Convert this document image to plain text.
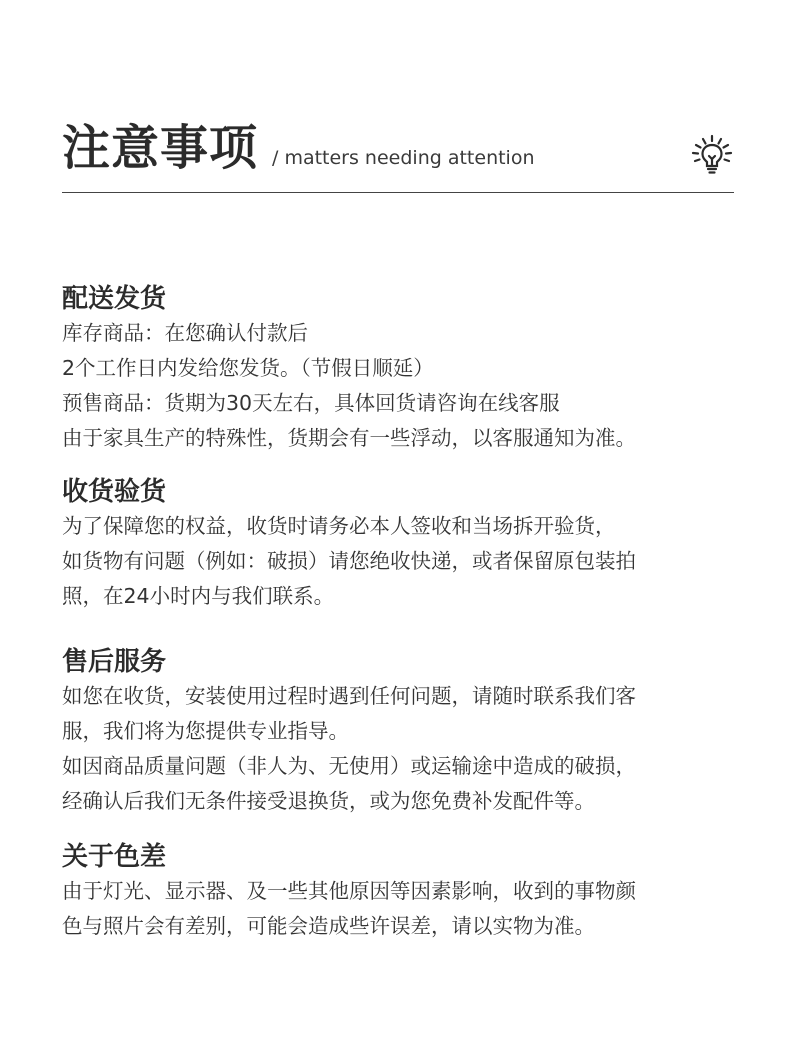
注意事项 / matters needing attention
配送发货

库存商品：在您确认付款后

2个工作日内发给您发货。（节假日顺延）

预售商品：货期为30天左右，具体回货请咨询在线客服

由于家具生产的特殊性，货期会有一些浮动，以客服通知为准。

收货验货

为了保障您的权益，收货时请务必本人签收和当场拆开验货，

如货物有问题（例如：破损）请您绝收快递，或者保留原包装拍

照，在24小时内与我们联系。

售后服务

如您在收货，安装使用过程时遇到任何问题，请随时联系我们客

服，我们将为您提供专业指导。

如因商品质量问题（非人为、无使用）或运输途中造成的破损，

经确认后我们无条件接受退换货，或为您免费补发配件等。

关于色差

由于灯光、显示器、及一些其他原因等因素影响，收到的事物颜

色与照片会有差别，可能会造成些许误差，请以实物为准。
